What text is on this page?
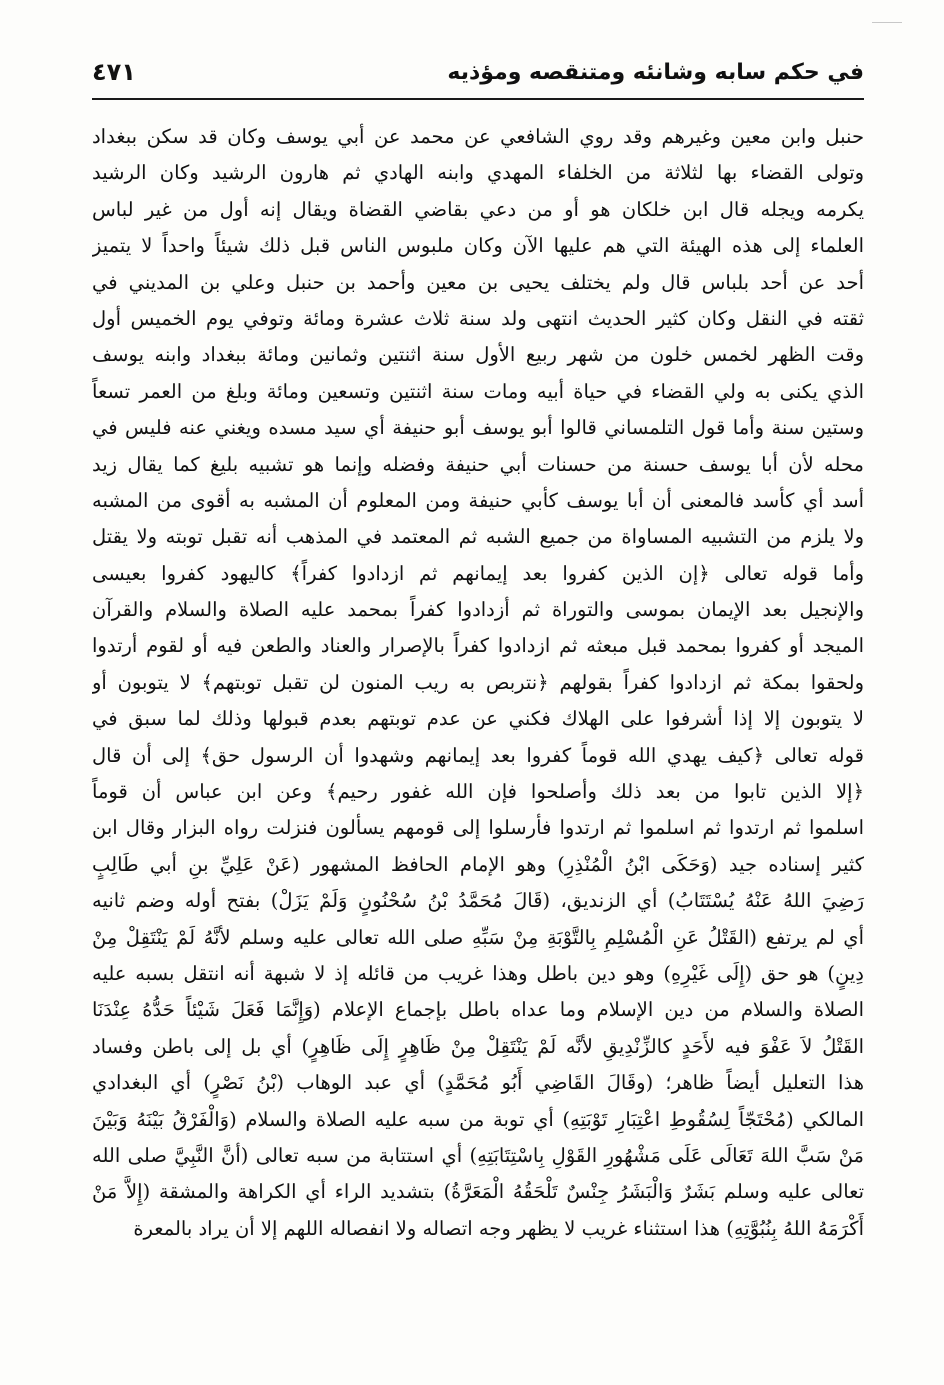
في حكم سابه وشانئه ومتنقصه ومؤذيه
٤٧١
حنبل وابن معين وغيرهم وقد روي الشافعي عن محمد عن أبي يوسف وكان قد سكن ببغداد
وتولى القضاء بها لثلاثة من الخلفاء المهدي وابنه الهادي ثم هارون الرشيد وكان الرشيد
يكرمه ويجله قال ابن خلكان هو أو من دعي بقاضي القضاة ويقال إنه أول من غير لباس
العلماء إلى هذه الهيئة التي هم عليها الآن وكان ملبوس الناس قبل ذلك شيئاً واحداً لا يتميز
أحد عن أحد بلباس قال ولم يختلف يحيى بن معين وأحمد بن حنبل وعلي بن المديني في
ثقته في النقل وكان كثير الحديث انتهى ولد سنة ثلاث عشرة ومائة وتوفي يوم الخميس أول
وقت الظهر لخمس خلون من شهر ربيع الأول سنة اثنتين وثمانين ومائة ببغداد وابنه يوسف
الذي يكنى به ولي القضاء في حياة أبيه ومات سنة اثنتين وتسعين ومائة وبلغ من العمر تسعاً
وستين سنة وأما قول التلمساني قالوا أبو يوسف أبو حنيفة أي سيد مسده ويغني عنه فليس في
محله لأن أبا يوسف حسنة من حسنات أبي حنيفة وفضله وإنما هو تشبيه بليغ كما يقال زيد
أسد أي كأسد فالمعنى أن أبا يوسف كأبي حنيفة ومن المعلوم أن المشبه به أقوى من المشبه
ولا يلزم من التشبيه المساواة من جميع الشبه ثم المعتمد في المذهب أنه تقبل توبته ولا يقتل
وأما قوله تعالى ﴿إن الذين كفروا بعد إيمانهم ثم ازدادوا كفراً﴾ كاليهود كفروا بعيسى
والإنجيل بعد الإيمان بموسى والتوراة ثم أزدادوا كفراً بمحمد عليه الصلاة والسلام والقرآن
الميجد أو كفروا بمحمد قبل مبعثه ثم ازدادوا كفراً بالإصرار والعناد والطعن فيه أو لقوم أرتدوا
ولحقوا بمكة ثم ازدادوا كفراً بقولهم ﴿نتربص به ريب المنون لن تقبل توبتهم﴾ لا يتوبون أو
لا يتوبون إلا إذا أشرفوا على الهلاك فكني عن عدم توبتهم بعدم قبولها وذلك لما سبق في
قوله تعالى ﴿كيف يهدي الله قوماً كفروا بعد إيمانهم وشهدوا أن الرسول حق﴾ إلى أن قال
﴿إلا الذين تابوا من بعد ذلك وأصلحوا فإن الله غفور رحيم﴾ وعن ابن عباس أن قوماً
اسلموا ثم ارتدوا ثم اسلموا ثم ارتدوا فأرسلوا إلى قومهم يسألون فنزلت رواه البزار وقال ابن
كثير إسناده جيد (وَحَكَى ابْنُ الْمُنْذِرِ) وهو الإمام الحافظ المشهور (عَنْ عَلِيِّ بنِ أبي طَالِبٍ
رَضِيَ اللهُ عَنْهُ يُسْتَتَابُ) أي الزنديق، (قَالَ مُحَمَّدُ بْنُ سُحْنُونٍ وَلَمْ يَزَلْ) بفتح أوله وضم ثانيه
أي لم يرتفع (القَتْلُ عَنِ الْمُسْلِمِ بِالتَّوْبَةِ مِنْ سَبِّهِ صلى الله تعالى عليه وسلم لأنَّهُ لَمْ يَنْتَقِلْ مِنْ
دِينٍ) هو حق (إِلَى غَيْرِهِ) وهو دين باطل وهذا غريب من قائله إذ لا شبهة أنه انتقل بسبه عليه
الصلاة والسلام من دين الإسلام وما عداه باطل بإجماع الإعلام (وَإِنَّمَا فَعَلَ شَيْئاً حَدُّهُ عِنْدَنَا
القَتْلُ لاَ عَفْوَ فيه لأَحَدٍ كالزِّنْدِيقِ لأنَّه لَمْ يَنْتَقِلْ مِنْ ظَاهِرٍ إِلَى ظَاهِرٍ) أي بل إلى باطن وفساد
هذا التعليل أيضاً ظاهر؛ (وقَالَ القَاضِي أَبُو مُحَمَّدٍ) أي عبد الوهاب (بْنُ نَصْرٍ) أي البغدادي
المالكي (مُحْتَجّاً لِسُقُوطِ اعْتِبَارِ تَوْبَتِهِ) أي توبة من سبه عليه الصلاة والسلام (وَالْفَرْقُ بَيْنَهُ وَبَيْنَ
مَنْ سَبَّ اللهَ تَعَالَى عَلَى مَشْهُورِ القَوْلِ بِاسْتِتَابَتِهِ) أي استتابة من سبه تعالى (أنَّ النَّبِيَّ صلى الله
تعالى عليه وسلم بَشَرٌ وَالْبَشَرُ جِنْسٌ تَلْحَقُهُ الْمَعَرَّةُ) بتشديد الراء أي الكراهة والمشقة (إِلاَّ مَنْ
أَكْرَمَهُ اللهُ بِنُبُوَّتِهِ) هذا استثناء غريب لا يظهر وجه اتصاله ولا انفصاله اللهم إلا أن يراد بالمعرة
